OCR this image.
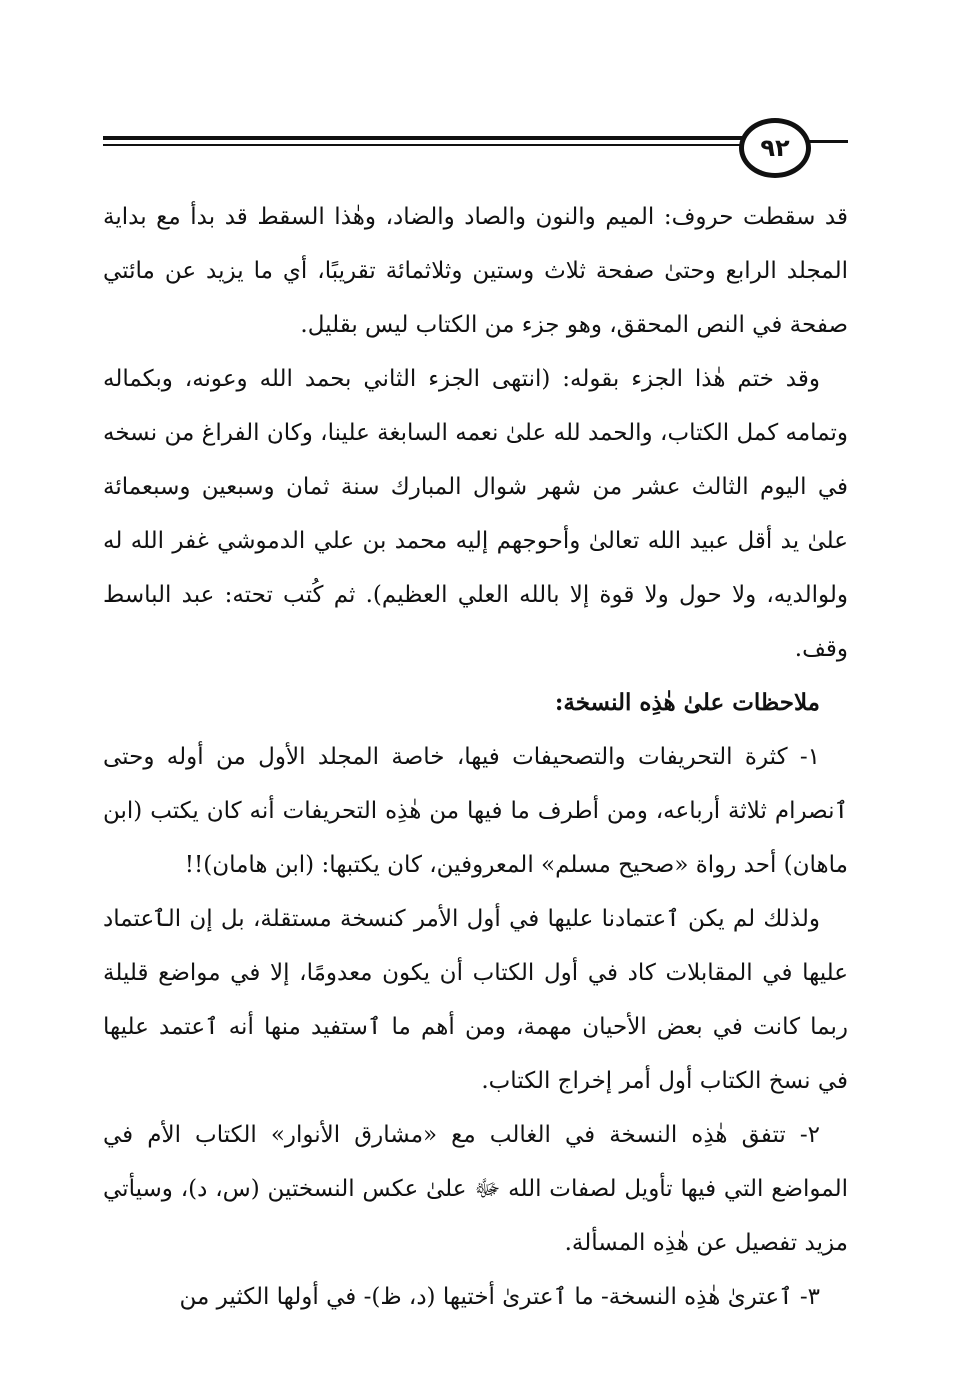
٩٢

قد سقطت حروف: الميم والنون والصاد والضاد، وهٰذا السقط قد بدأ مع بداية المجلد الرابع وحتىٰ صفحة ثلاث وستين وثلاثمائة تقريبًا، أي ما يزيد عن مائتي صفحة في النص المحقق، وهو جزء من الكتاب ليس بقليل.

وقد ختم هٰذا الجزء بقوله: (انتهى الجزء الثاني بحمد الله وعونه، وبكماله وتمامه كمل الكتاب، والحمد لله علىٰ نعمه السابغة علينا، وكان الفراغ من نسخه في اليوم الثالث عشر من شهر شوال المبارك سنة ثمان وسبعين وسبعمائة علىٰ يد أقل عبيد الله تعالىٰ وأحوجهم إليه محمد بن علي الدموشي غفر الله له ولوالديه، ولا حول ولا قوة إلا بالله العلي العظيم). ثم كُتب تحته: عبد الباسط وقف.

ملاحظات علىٰ هٰذِه النسخة:

١- كثرة التحريفات والتصحيفات فيها، خاصة المجلد الأول من أوله وحتى ٱنصرام ثلاثة أرباعه، ومن أطرف ما فيها من هٰذِه التحريفات أنه كان يكتب (ابن ماهان) أحد رواة «صحيح مسلم» المعروفين، كان يكتبها: (ابن هامان)!!

ولذلك لم يكن ٱعتمادنا عليها في أول الأمر كنسخة مستقلة، بل إن الٱعتماد عليها في المقابلات كاد في أول الكتاب أن يكون معدومًا، إلا في مواضع قليلة ربما كانت في بعض الأحيان مهمة، ومن أهم ما ٱستفيد منها أنه ٱعتمد عليها في نسخ الكتاب أول أمر إخراج الكتاب.

٢- تتفق هٰذِه النسخة في الغالب مع «مشارق الأنوار» الكتاب الأم في المواضع التي فيها تأويل لصفات الله ﷻ علىٰ عكس النسختين (س، د)، وسيأتي مزيد تفصيل عن هٰذِه المسألة.

٣- ٱعترىٰ هٰذِه النسخة- ما ٱعترىٰ أختيها (د، ظ)- في أولها الكثير من
